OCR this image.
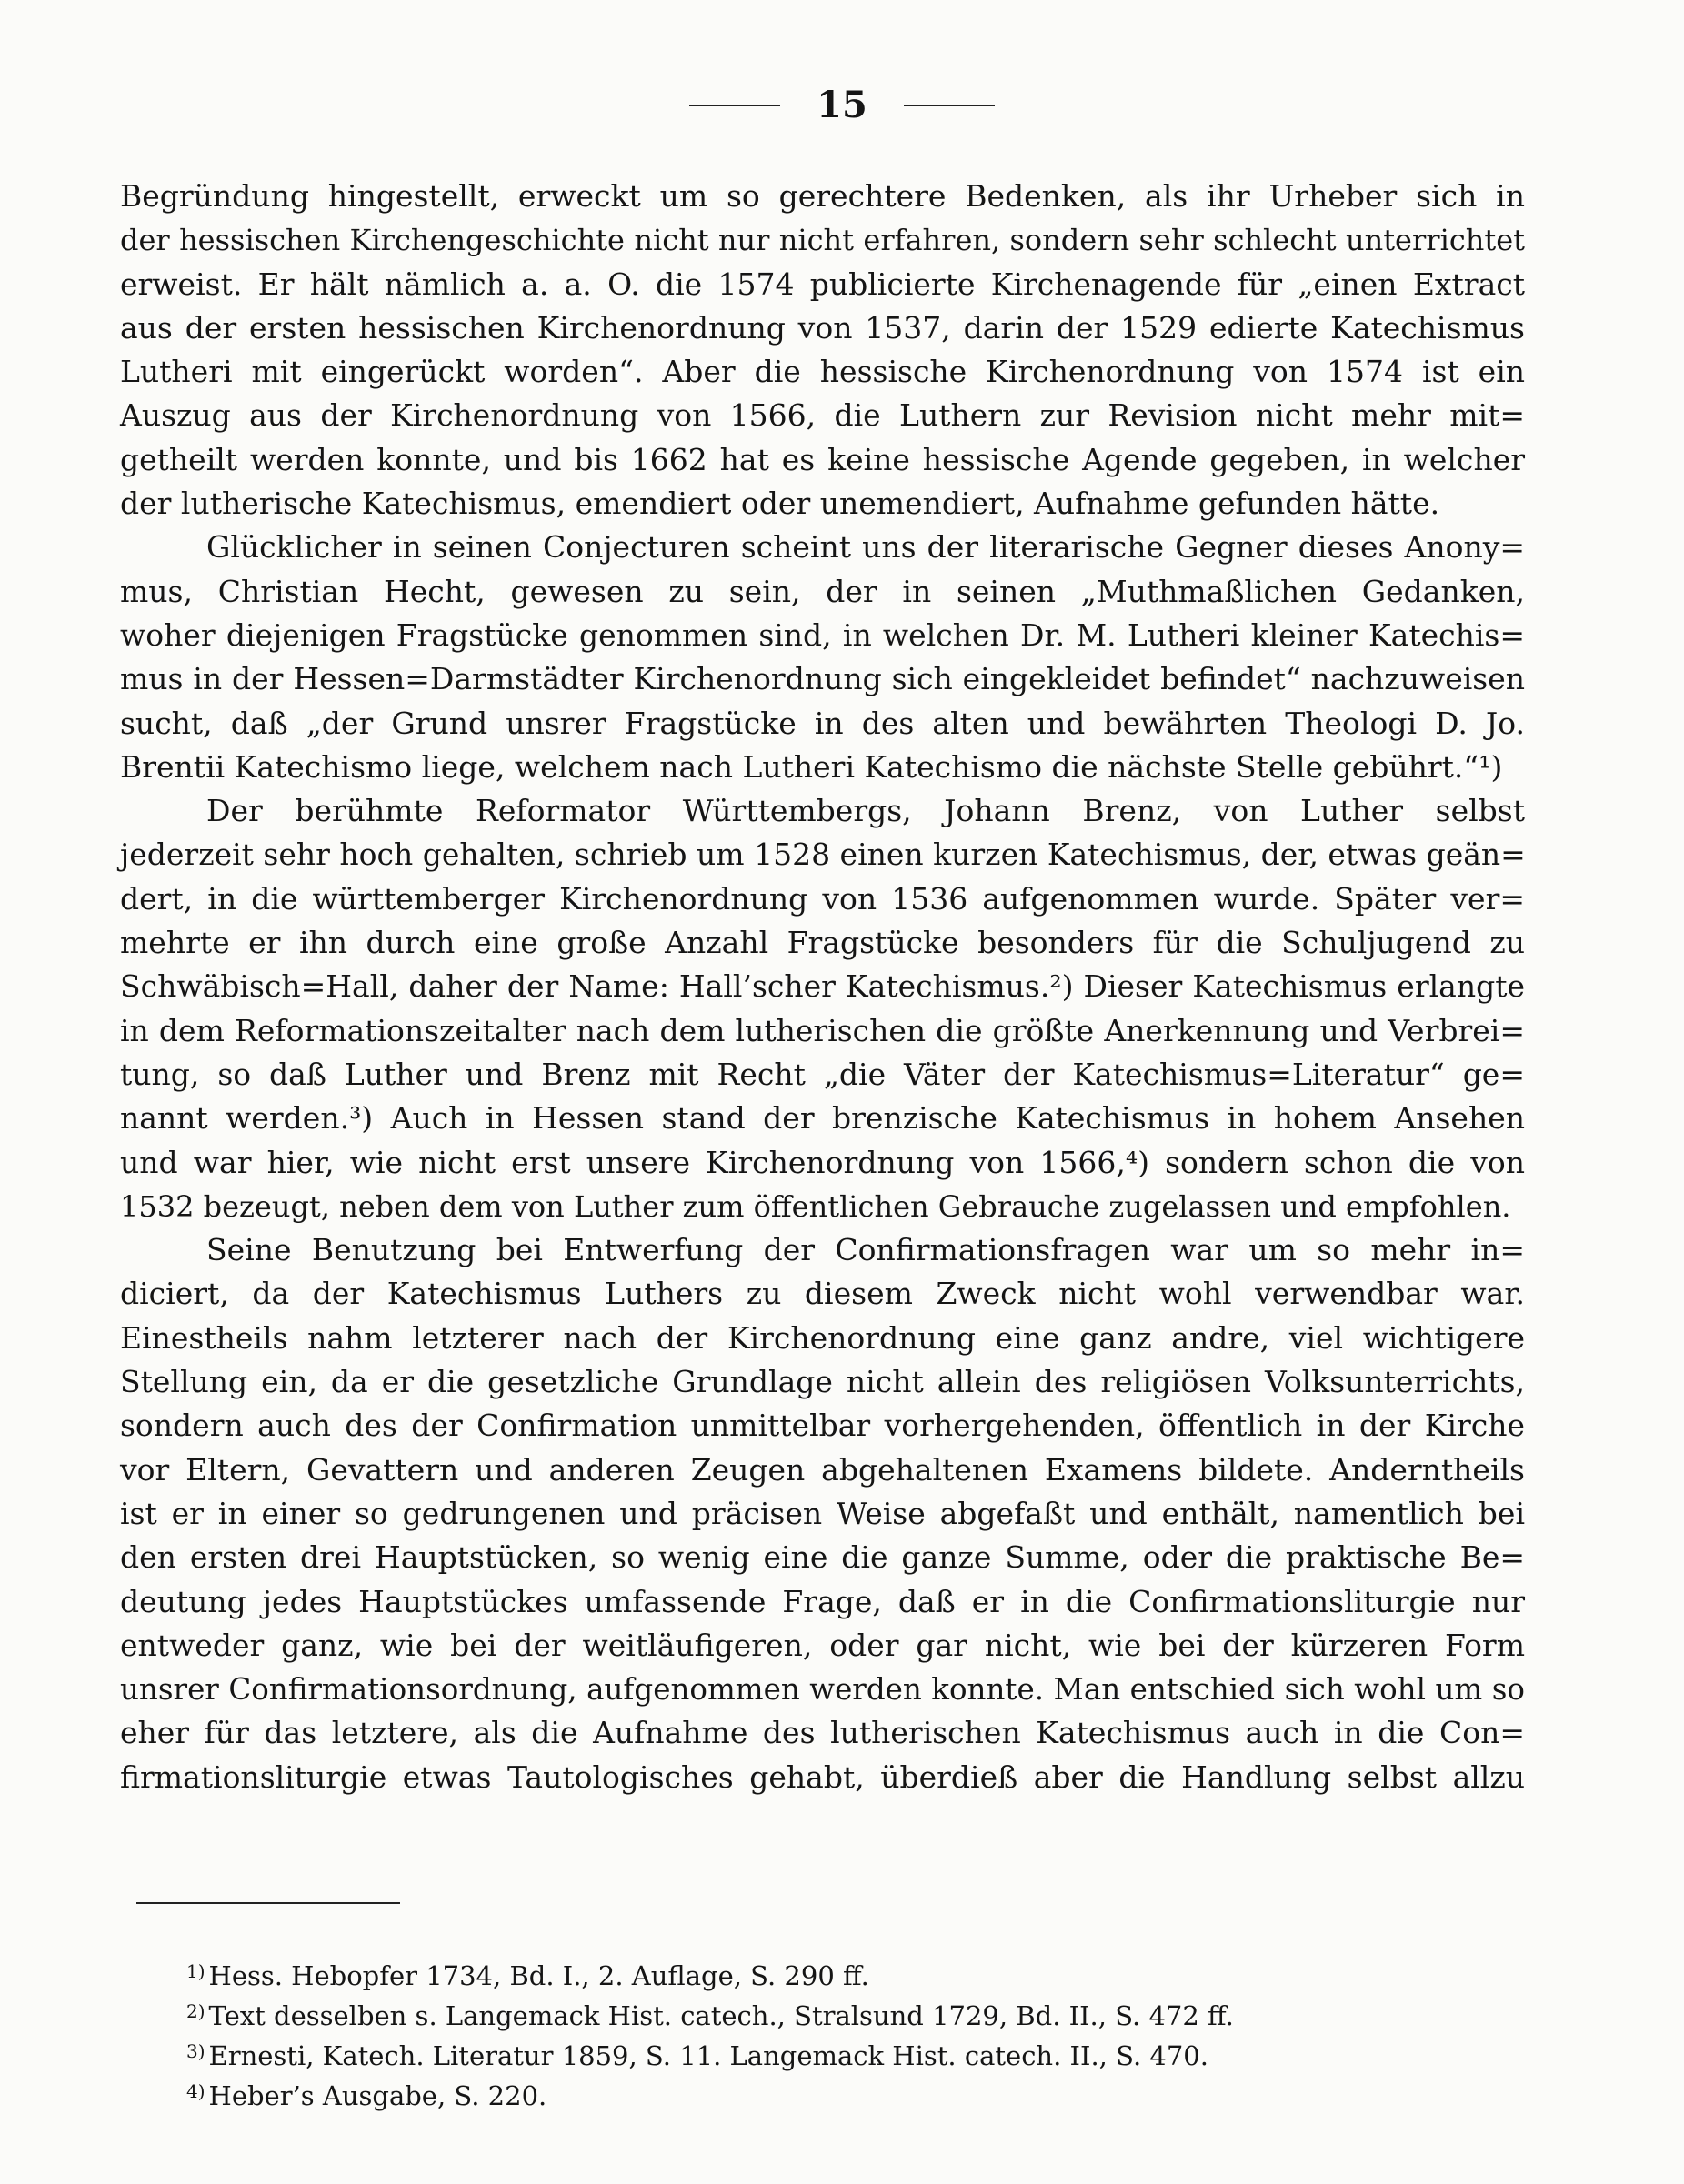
15
Begründung hingestellt, erweckt um so gerechtere Bedenken, als ihr Urheber sich in
der hessischen Kirchengeschichte nicht nur nicht erfahren, sondern sehr schlecht unterrichtet
erweist. Er hält nämlich a. a. O. die 1574 publicierte Kirchenagende für „einen Extract
aus der ersten hessischen Kirchenordnung von 1537, darin der 1529 edierte Katechismus
Lutheri mit eingerückt worden“. Aber die hessische Kirchenordnung von 1574 ist ein
Auszug aus der Kirchenordnung von 1566, die Luthern zur Revision nicht mehr mit=
getheilt werden konnte, und bis 1662 hat es keine hessische Agende gegeben, in welcher
der lutherische Katechismus, emendiert oder unemendiert, Aufnahme gefunden hätte.
Glücklicher in seinen Conjecturen scheint uns der literarische Gegner dieses Anony=
mus, Christian Hecht, gewesen zu sein, der in seinen „Muthmaßlichen Gedanken,
woher diejenigen Fragstücke genommen sind, in welchen Dr. M. Lutheri kleiner Katechis=
mus in der Hessen=Darmstädter Kirchenordnung sich eingekleidet befindet“ nachzuweisen
sucht, daß „der Grund unsrer Fragstücke in des alten und bewährten Theologi D. Jo.
Brentii Katechismo liege, welchem nach Lutheri Katechismo die nächste Stelle gebührt.“¹)
Der berühmte Reformator Württembergs, Johann Brenz, von Luther selbst
jederzeit sehr hoch gehalten, schrieb um 1528 einen kurzen Katechismus, der, etwas geän=
dert, in die württemberger Kirchenordnung von 1536 aufgenommen wurde. Später ver=
mehrte er ihn durch eine große Anzahl Fragstücke besonders für die Schuljugend zu
Schwäbisch=Hall, daher der Name: Hall’scher Katechismus.²) Dieser Katechismus erlangte
in dem Reformationszeitalter nach dem lutherischen die größte Anerkennung und Verbrei=
tung, so daß Luther und Brenz mit Recht „die Väter der Katechismus=Literatur“ ge=
nannt werden.³) Auch in Hessen stand der brenzische Katechismus in hohem Ansehen
und war hier, wie nicht erst unsere Kirchenordnung von 1566,⁴) sondern schon die von
1532 bezeugt, neben dem von Luther zum öffentlichen Gebrauche zugelassen und empfohlen.
Seine Benutzung bei Entwerfung der Confirmationsfragen war um so mehr in=
diciert, da der Katechismus Luthers zu diesem Zweck nicht wohl verwendbar war.
Einestheils nahm letzterer nach der Kirchenordnung eine ganz andre, viel wichtigere
Stellung ein, da er die gesetzliche Grundlage nicht allein des religiösen Volksunterrichts,
sondern auch des der Confirmation unmittelbar vorhergehenden, öffentlich in der Kirche
vor Eltern, Gevattern und anderen Zeugen abgehaltenen Examens bildete. Anderntheils
ist er in einer so gedrungenen und präcisen Weise abgefaßt und enthält, namentlich bei
den ersten drei Hauptstücken, so wenig eine die ganze Summe, oder die praktische Be=
deutung jedes Hauptstückes umfassende Frage, daß er in die Confirmationsliturgie nur
entweder ganz, wie bei der weitläufigeren, oder gar nicht, wie bei der kürzeren Form
unsrer Confirmationsordnung, aufgenommen werden konnte. Man entschied sich wohl um so
eher für das letztere, als die Aufnahme des lutherischen Katechismus auch in die Con=
firmationsliturgie etwas Tautologisches gehabt, überdieß aber die Handlung selbst allzu
$^{1)}$ Hess. Hebopfer 1734, Bd. I., 2. Auflage, S. 290 ff.
$^{2)}$ Text desselben s. Langemack Hist. catech., Stralsund 1729, Bd. II., S. 472 ff.
$^{3)}$ Ernesti, Katech. Literatur 1859, S. 11. Langemack Hist. catech. II., S. 470.
$^{4)}$ Heber’s Ausgabe, S. 220.
